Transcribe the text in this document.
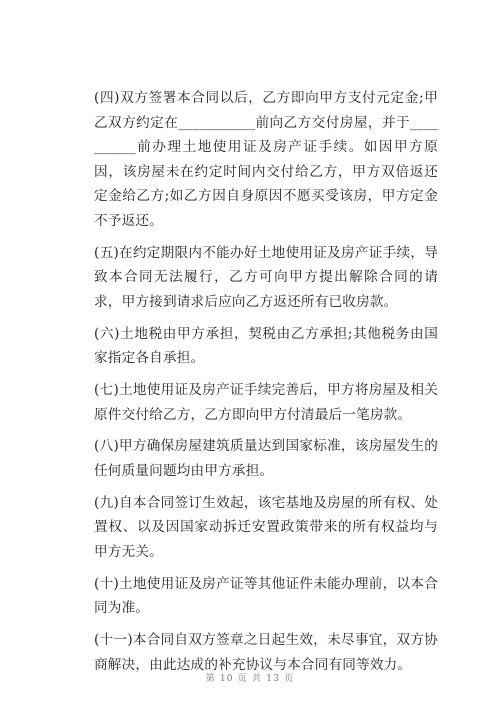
(四)双方签署本合同以后，乙方即向甲方支付元定金;甲乙双方约定在___________前向乙方交付房屋，并于__________前办理土地使用证及房产证手续。如因甲方原因，该房屋未在约定时间内交付给乙方，甲方双倍返还定金给乙方;如乙方因自身原因不愿买受该房，甲方定金不予返还。

(五)在约定期限内不能办好土地使用证及房产证手续，导致本合同无法履行，乙方可向甲方提出解除合同的请求，甲方接到请求后应向乙方返还所有已收房款。

(六)土地税由甲方承担，契税由乙方承担;其他税务由国家指定各自承担。

(七)土地使用证及房产证手续完善后，甲方将房屋及相关原件交付给乙方，乙方即向甲方付清最后一笔房款。

(八)甲方确保房屋建筑质量达到国家标准，该房屋发生的任何质量问题均由甲方承担。

(九)自本合同签订生效起，该宅基地及房屋的所有权、处置权、以及因国家动拆迁安置政策带来的所有权益均与甲方无关。

(十)土地使用证及房产证等其他证件未能办理前，以本合同为准。

(十一)本合同自双方签章之日起生效，未尽事宜，双方协商解决，由此达成的补充协议与本合同有同等效力。

第 10 页 共 13 页
